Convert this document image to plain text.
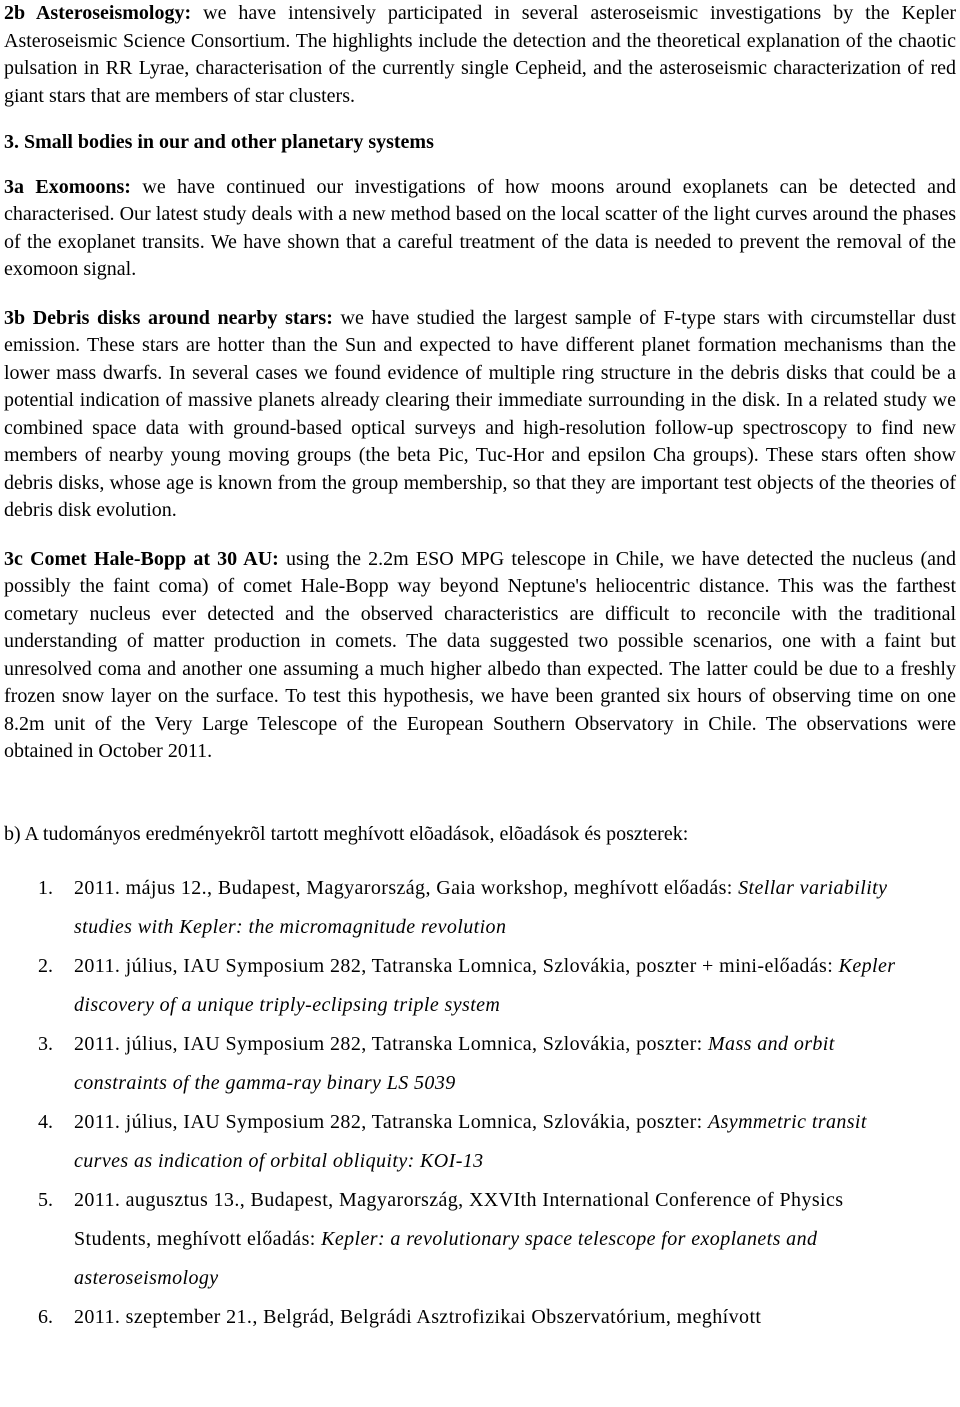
2b Asteroseismology: we have intensively participated in several asteroseismic investigations by the Kepler Asteroseismic Science Consortium. The highlights include the detection and the theoretical explanation of the chaotic pulsation in RR Lyrae, characterisation of the currently single Cepheid, and the asteroseismic characterization of red giant stars that are members of star clusters.

3. Small bodies in our and other planetary systems

3a Exomoons: we have continued our investigations of how moons around exoplanets can be detected and characterised. Our latest study deals with a new method based on the local scatter of the light curves around the phases of the exoplanet transits. We have shown that a careful treatment of the data is needed to prevent the removal of the exomoon signal.

3b Debris disks around nearby stars: we have studied the largest sample of F-type stars with circumstellar dust emission. These stars are hotter than the Sun and expected to have different planet formation mechanisms than the lower mass dwarfs. In several cases we found evidence of multiple ring structure in the debris disks that could be a potential indication of massive planets already clearing their immediate surrounding in the disk. In a related study we combined space data with ground-based optical surveys and high-resolution follow-up spectroscopy to find new members of nearby young moving groups (the beta Pic, Tuc-Hor and epsilon Cha groups). These stars often show debris disks, whose age is known from the group membership, so that they are important test objects of the theories of debris disk evolution.

3c Comet Hale-Bopp at 30 AU: using the 2.2m ESO MPG telescope in Chile, we have detected the nucleus (and possibly the faint coma) of comet Hale-Bopp way beyond Neptune's heliocentric distance. This was the farthest cometary nucleus ever detected and the observed characteristics are difficult to reconcile with the traditional understanding of matter production in comets. The data suggested two possible scenarios, one with a faint but unresolved coma and another one assuming a much higher albedo than expected. The latter could be due to a freshly frozen snow layer on the surface. To test this hypothesis, we have been granted six hours of observing time on one 8.2m unit of the Very Large Telescope of the European Southern Observatory in Chile. The observations were obtained in October 2011.

b) A tudományos eredményekrõl tartott meghívott elõadások, elõadások és poszterek:

1. 2011. május 12., Budapest, Magyarország, Gaia workshop, meghívott előadás: Stellar variability studies with Kepler: the micromagnitude revolution
2. 2011. július, IAU Symposium 282, Tatranska Lomnica, Szlovákia, poszter + mini-előadás: Kepler discovery of a unique triply-eclipsing triple system
3. 2011. július, IAU Symposium 282, Tatranska Lomnica, Szlovákia, poszter: Mass and orbit constraints of the gamma-ray binary LS 5039
4. 2011. július, IAU Symposium 282, Tatranska Lomnica, Szlovákia, poszter: Asymmetric transit curves as indication of orbital obliquity: KOI-13
5. 2011. augusztus 13., Budapest, Magyarország, XXVIth International Conference of Physics Students, meghívott előadás: Kepler: a revolutionary space telescope for exoplanets and asteroseismology
6. 2011. szeptember 21., Belgrád, Belgrádi Asztrofizikai Obszervatórium, meghívott
